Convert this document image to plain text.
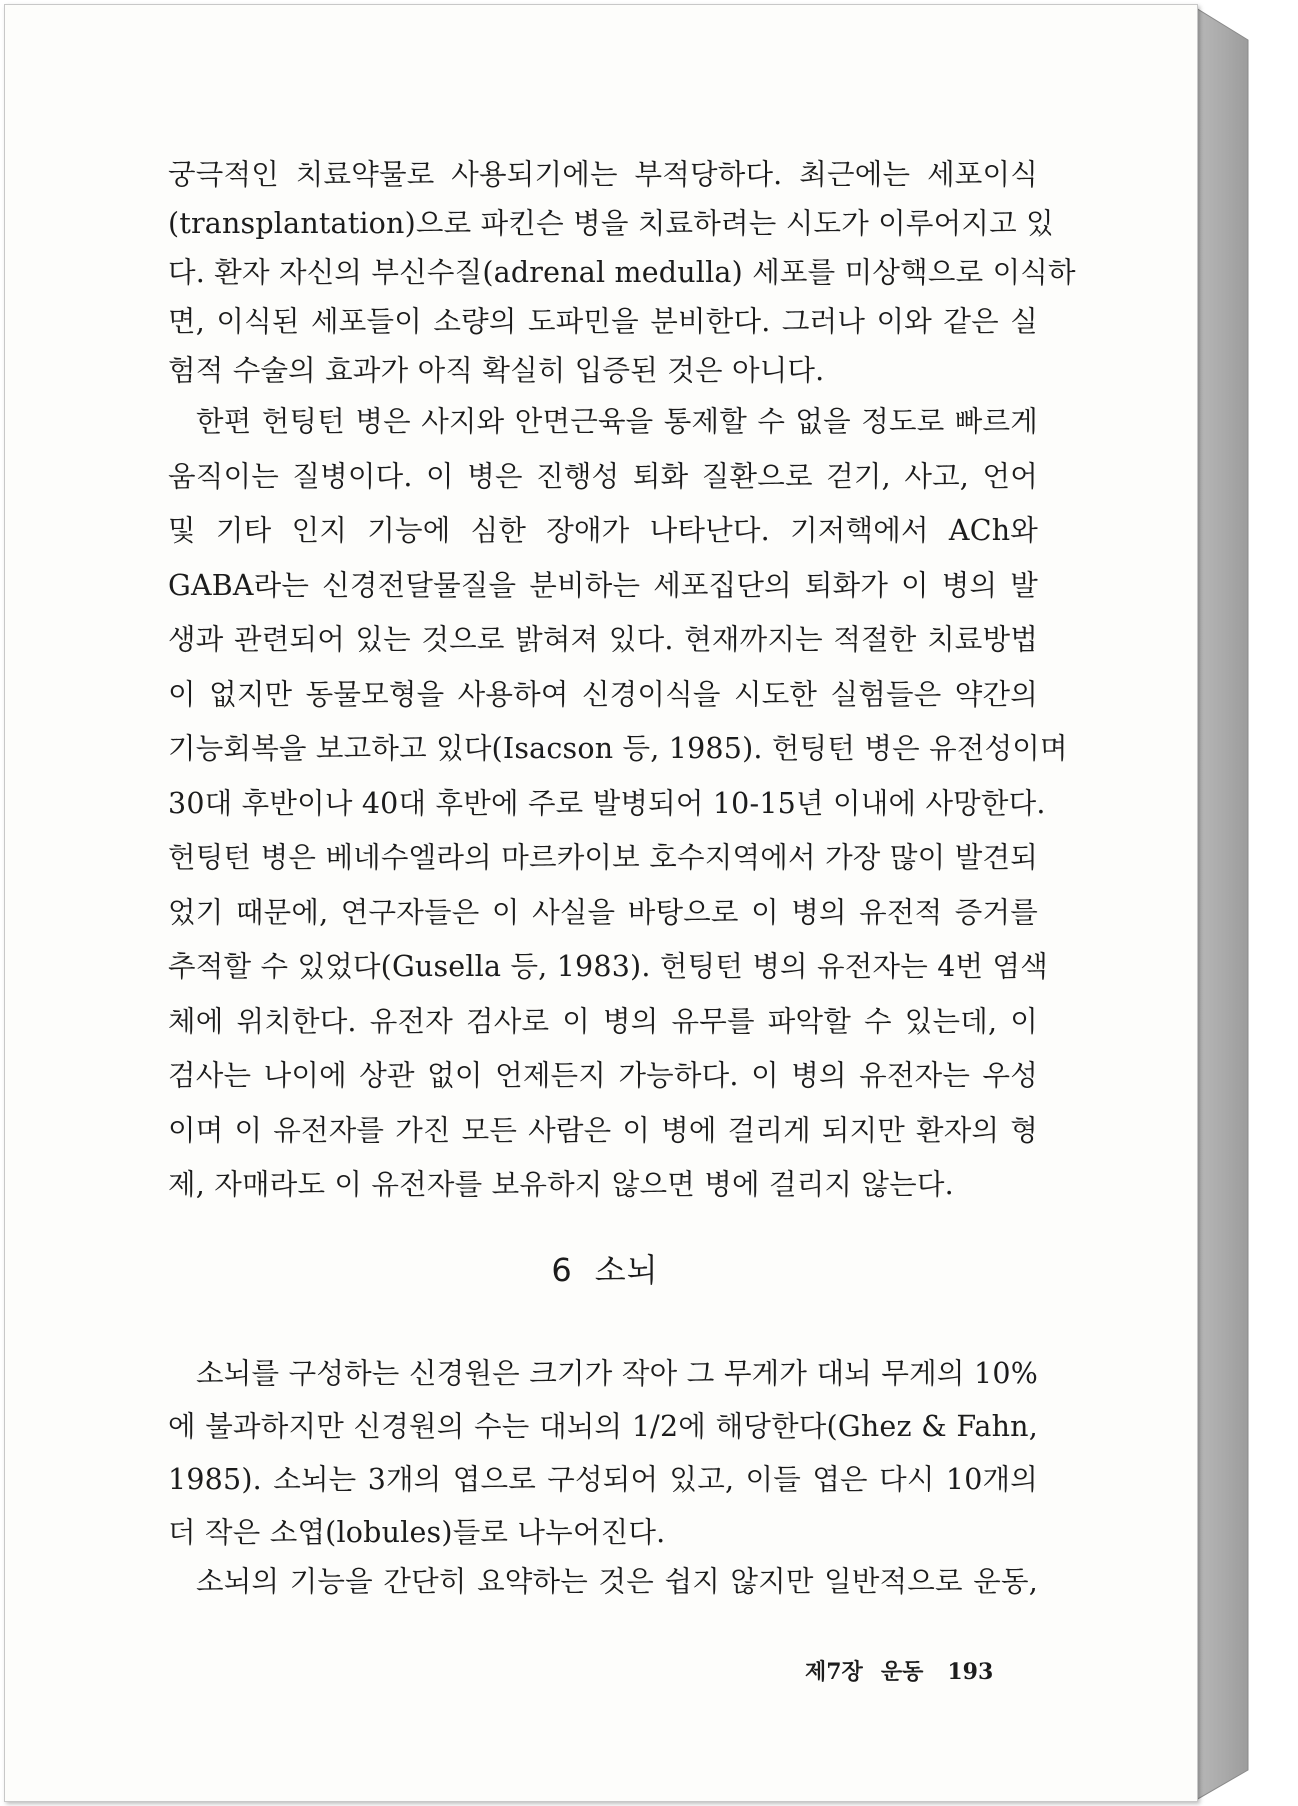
궁극적인 치료약물로 사용되기에는 부적당하다. 최근에는 세포이식
(transplantation)으로 파킨슨 병을 치료하려는 시도가 이루어지고 있
다. 환자 자신의 부신수질(adrenal medulla) 세포를 미상핵으로 이식하
면, 이식된 세포들이 소량의 도파민을 분비한다. 그러나 이와 같은 실
험적 수술의 효과가 아직 확실히 입증된 것은 아니다.
한편 헌팅턴 병은 사지와 안면근육을 통제할 수 없을 정도로 빠르게
움직이는 질병이다. 이 병은 진행성 퇴화 질환으로 걷기, 사고, 언어
및 기타 인지 기능에 심한 장애가 나타난다. 기저핵에서 ACh와
GABA라는 신경전달물질을 분비하는 세포집단의 퇴화가 이 병의 발
생과 관련되어 있는 것으로 밝혀져 있다. 현재까지는 적절한 치료방법
이 없지만 동물모형을 사용하여 신경이식을 시도한 실험들은 약간의
기능회복을 보고하고 있다(Isacson 등, 1985). 헌팅턴 병은 유전성이며
30대 후반이나 40대 후반에 주로 발병되어 10-15년 이내에 사망한다.
헌팅턴 병은 베네수엘라의 마르카이보 호수지역에서 가장 많이 발견되
었기 때문에, 연구자들은 이 사실을 바탕으로 이 병의 유전적 증거를
추적할 수 있었다(Gusella 등, 1983). 헌팅턴 병의 유전자는 4번 염색
체에 위치한다. 유전자 검사로 이 병의 유무를 파악할 수 있는데, 이
검사는 나이에 상관 없이 언제든지 가능하다. 이 병의 유전자는 우성
이며 이 유전자를 가진 모든 사람은 이 병에 걸리게 되지만 환자의 형
제, 자매라도 이 유전자를 보유하지 않으면 병에 걸리지 않는다.
6 소뇌
소뇌를 구성하는 신경원은 크기가 작아 그 무게가 대뇌 무게의 10%
에 불과하지만 신경원의 수는 대뇌의 1/2에 해당한다(Ghez & Fahn,
1985). 소뇌는 3개의 엽으로 구성되어 있고, 이들 엽은 다시 10개의
더 작은 소엽(lobules)들로 나누어진다.
소뇌의 기능을 간단히 요약하는 것은 쉽지 않지만 일반적으로 운동,
제7장 운동 193
